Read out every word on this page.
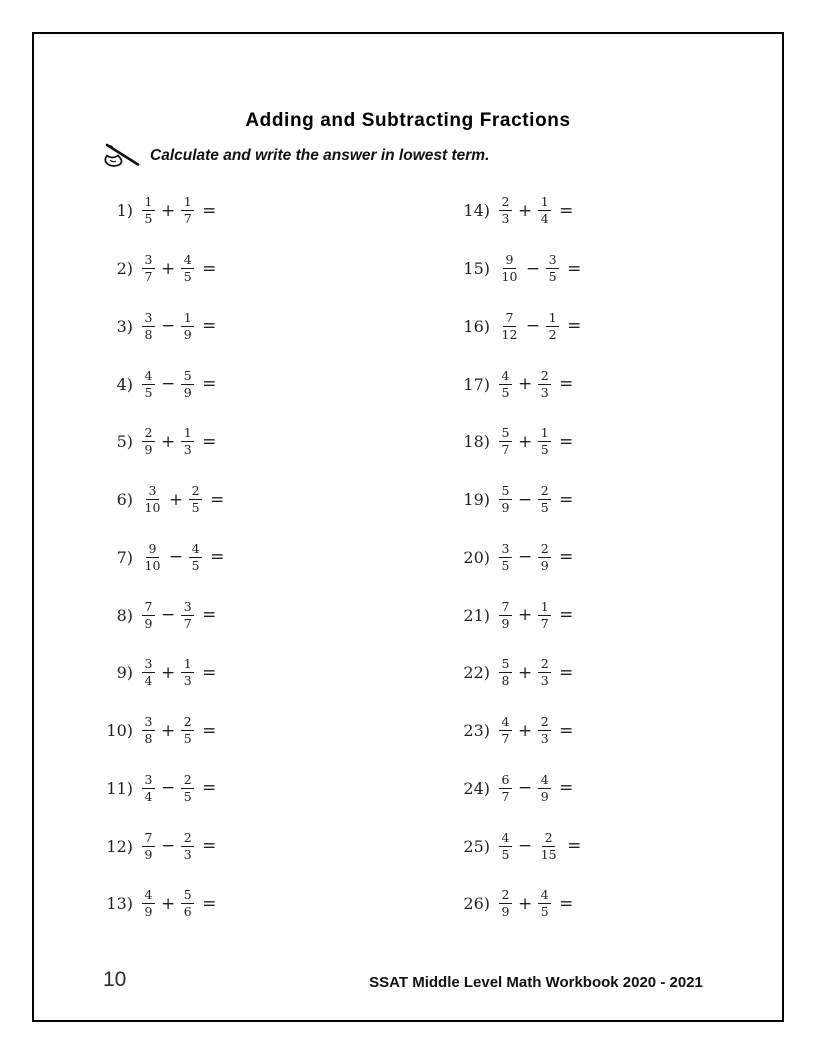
Adding and Subtracting Fractions
Calculate and write the answer in lowest term.
$1) \frac{1}{5} + \frac{1}{7}$ =
$2) \frac{3}{7} + \frac{4}{5}$ =
$3) \frac{3}{8} - \frac{1}{9}$ =
$4) \frac{4}{5} - \frac{5}{9}$ =
$5) \frac{2}{9} + \frac{1}{3}$ =
$6) \frac{3}{10} + \frac{2}{5}$ =
$7) \frac{9}{10} - \frac{4}{5}$ =
$8) \frac{7}{9} - \frac{3}{7}$ =
$9) \frac{3}{4} + \frac{1}{3}$ =
$10) \frac{3}{8} + \frac{2}{5}$ =
$11) \frac{3}{4} - \frac{2}{5}$ =
$12) \frac{7}{9} - \frac{2}{3}$ =
$13) \frac{4}{9} + \frac{5}{6}$ =
$14) \frac{2}{3} + \frac{1}{4}$ =
$15) \frac{9}{10} - \frac{3}{5}$ =
$16) \frac{7}{12} - \frac{1}{2}$ =
$17) \frac{4}{5} + \frac{2}{3}$ =
$18) \frac{5}{7} + \frac{1}{5}$ =
$19) \frac{5}{9} - \frac{2}{5}$ =
$20) \frac{3}{5} - \frac{2}{9}$ =
$21) \frac{7}{9} + \frac{1}{7}$ =
$22) \frac{5}{8} + \frac{2}{3}$ =
$23) \frac{4}{7} + \frac{2}{3}$ =
$24) \frac{6}{7} - \frac{4}{9}$ =
$25) \frac{4}{5} - \frac{2}{15}$ =
$26) \frac{2}{9} + \frac{4}{5}$ =
10	SSAT Middle Level Math Workbook 2020 - 2021
